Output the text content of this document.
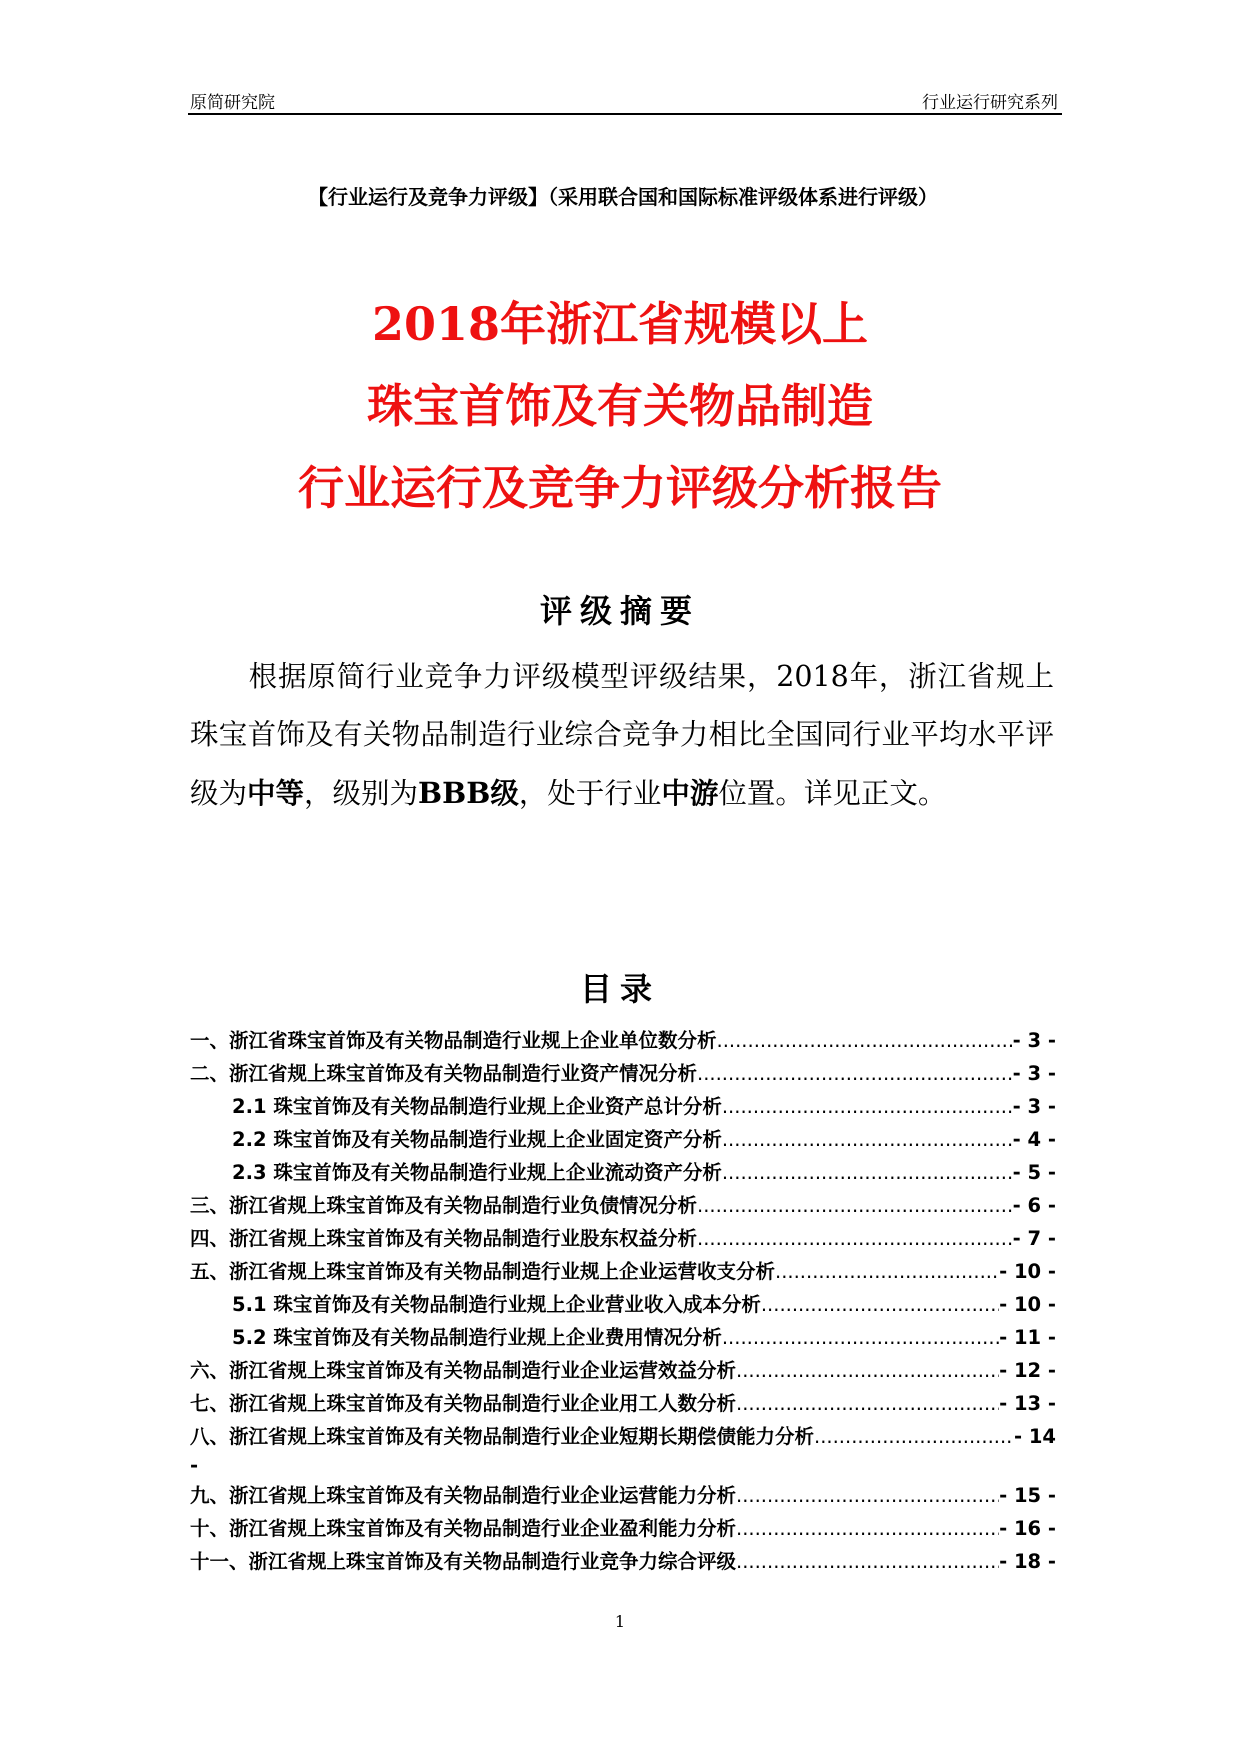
原简研究院	行业运行研究系列
【行业运行及竞争力评级】（采用联合国和国际标准评级体系进行评级）
2018年浙江省规模以上
珠宝首饰及有关物品制造
行业运行及竞争力评级分析报告
评级摘要
　　根据原简行业竞争力评级模型评级结果，2018年，浙江省规上珠宝首饰及有关物品制造行业综合竞争力相比全国同行业平均水平评级为中等，级别为BBB级，处于行业中游位置。详见正文。
目录
一、浙江省珠宝首饰及有关物品制造行业规上企业单位数分析 .....	- 3 -
二、浙江省规上珠宝首饰及有关物品制造行业资产情况分析 .....	- 3 -
2.1 珠宝首饰及有关物品制造行业规上企业资产总计分析 .....	- 3 -
2.2 珠宝首饰及有关物品制造行业规上企业固定资产分析 .....	- 4 -
2.3 珠宝首饰及有关物品制造行业规上企业流动资产分析 .....	- 5 -
三、浙江省规上珠宝首饰及有关物品制造行业负债情况分析 .....	- 6 -
四、浙江省规上珠宝首饰及有关物品制造行业股东权益分析 .....	- 7 -
五、浙江省规上珠宝首饰及有关物品制造行业规上企业运营收支分析 .....	- 10 -
5.1 珠宝首饰及有关物品制造行业规上企业营业收入成本分析 .....	- 10 -
5.2 珠宝首饰及有关物品制造行业规上企业费用情况分析 .....	- 11 -
六、浙江省规上珠宝首饰及有关物品制造行业企业运营效益分析 .....	- 12 -
七、浙江省规上珠宝首饰及有关物品制造行业企业用工人数分析 .....	- 13 -
八、浙江省规上珠宝首饰及有关物品制造行业企业短期长期偿债能力分析 .....	- 14
-
九、浙江省规上珠宝首饰及有关物品制造行业企业运营能力分析 .....	- 15 -
十、浙江省规上珠宝首饰及有关物品制造行业企业盈利能力分析 .....	- 16 -
十一、浙江省规上珠宝首饰及有关物品制造行业竞争力综合评级 .....	- 18 -
1
